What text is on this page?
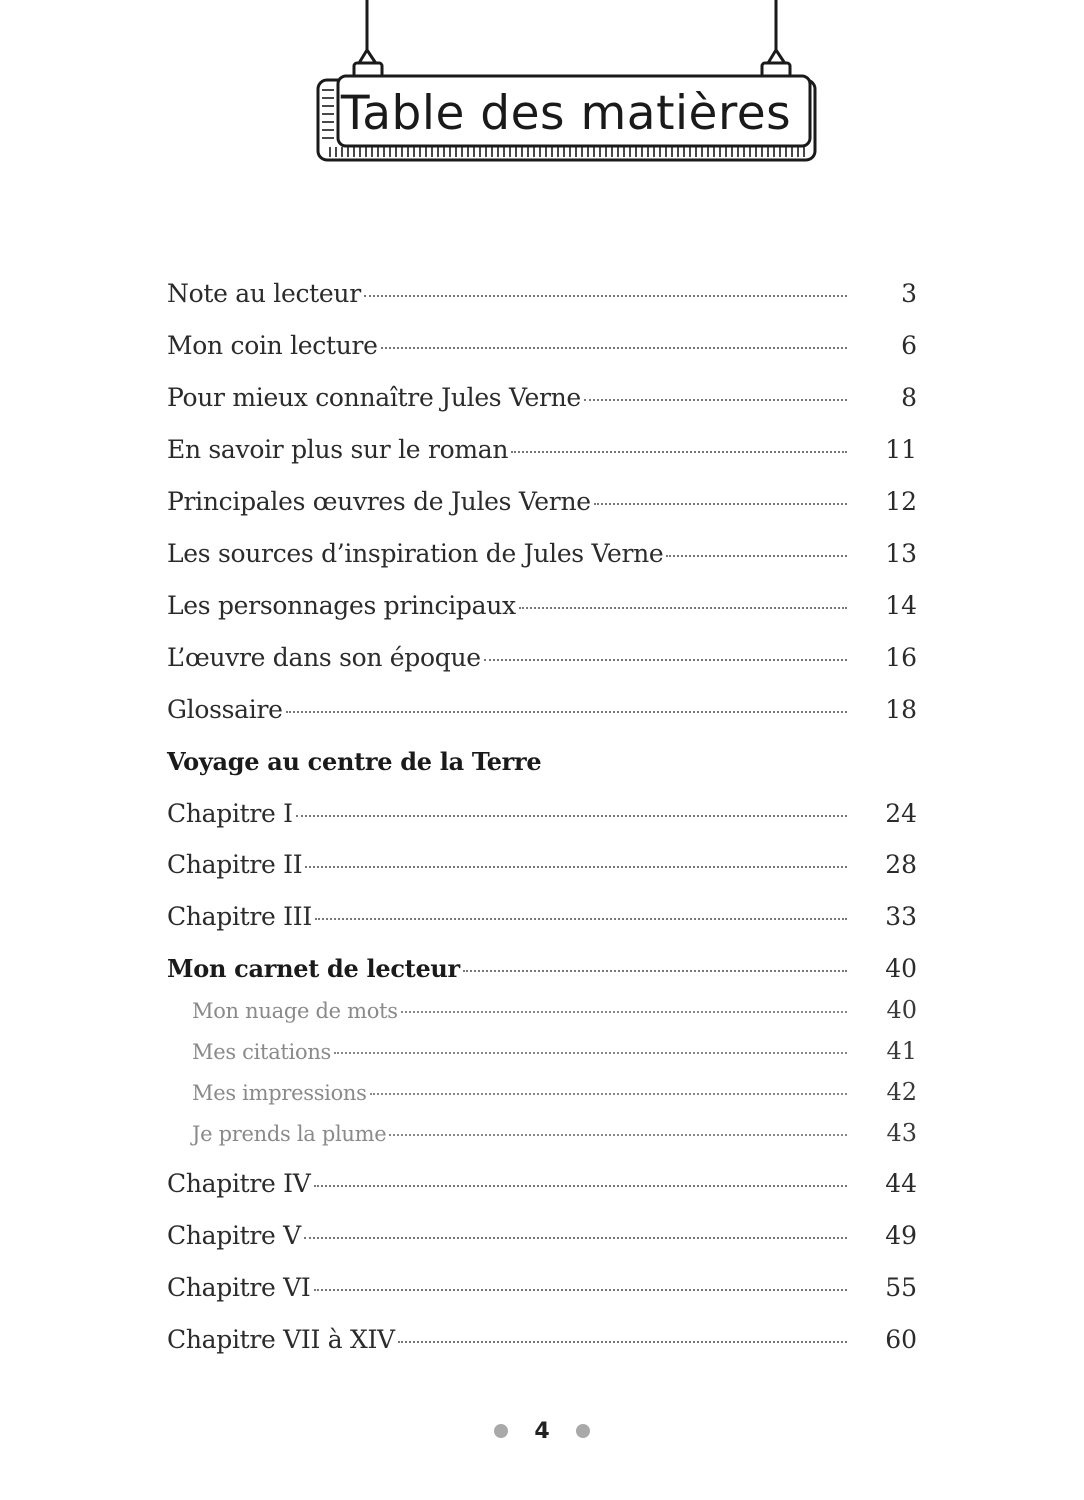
Table des matières
Note au lecteur	3
Mon coin lecture	6
Pour mieux connaître Jules Verne	8
En savoir plus sur le roman	11
Principales œuvres de Jules Verne	12
Les sources d’inspiration de Jules Verne	13
Les personnages principaux	14
L’œuvre dans son époque	16
Glossaire	18
Voyage au centre de la Terre
Chapitre I	24
Chapitre II	28
Chapitre III	33
Mon carnet de lecteur	40
Mon nuage de mots	40
Mes citations	41
Mes impressions	42
Je prends la plume	43
Chapitre IV	44
Chapitre V	49
Chapitre VI	55
Chapitre VII à XIV	60
4
